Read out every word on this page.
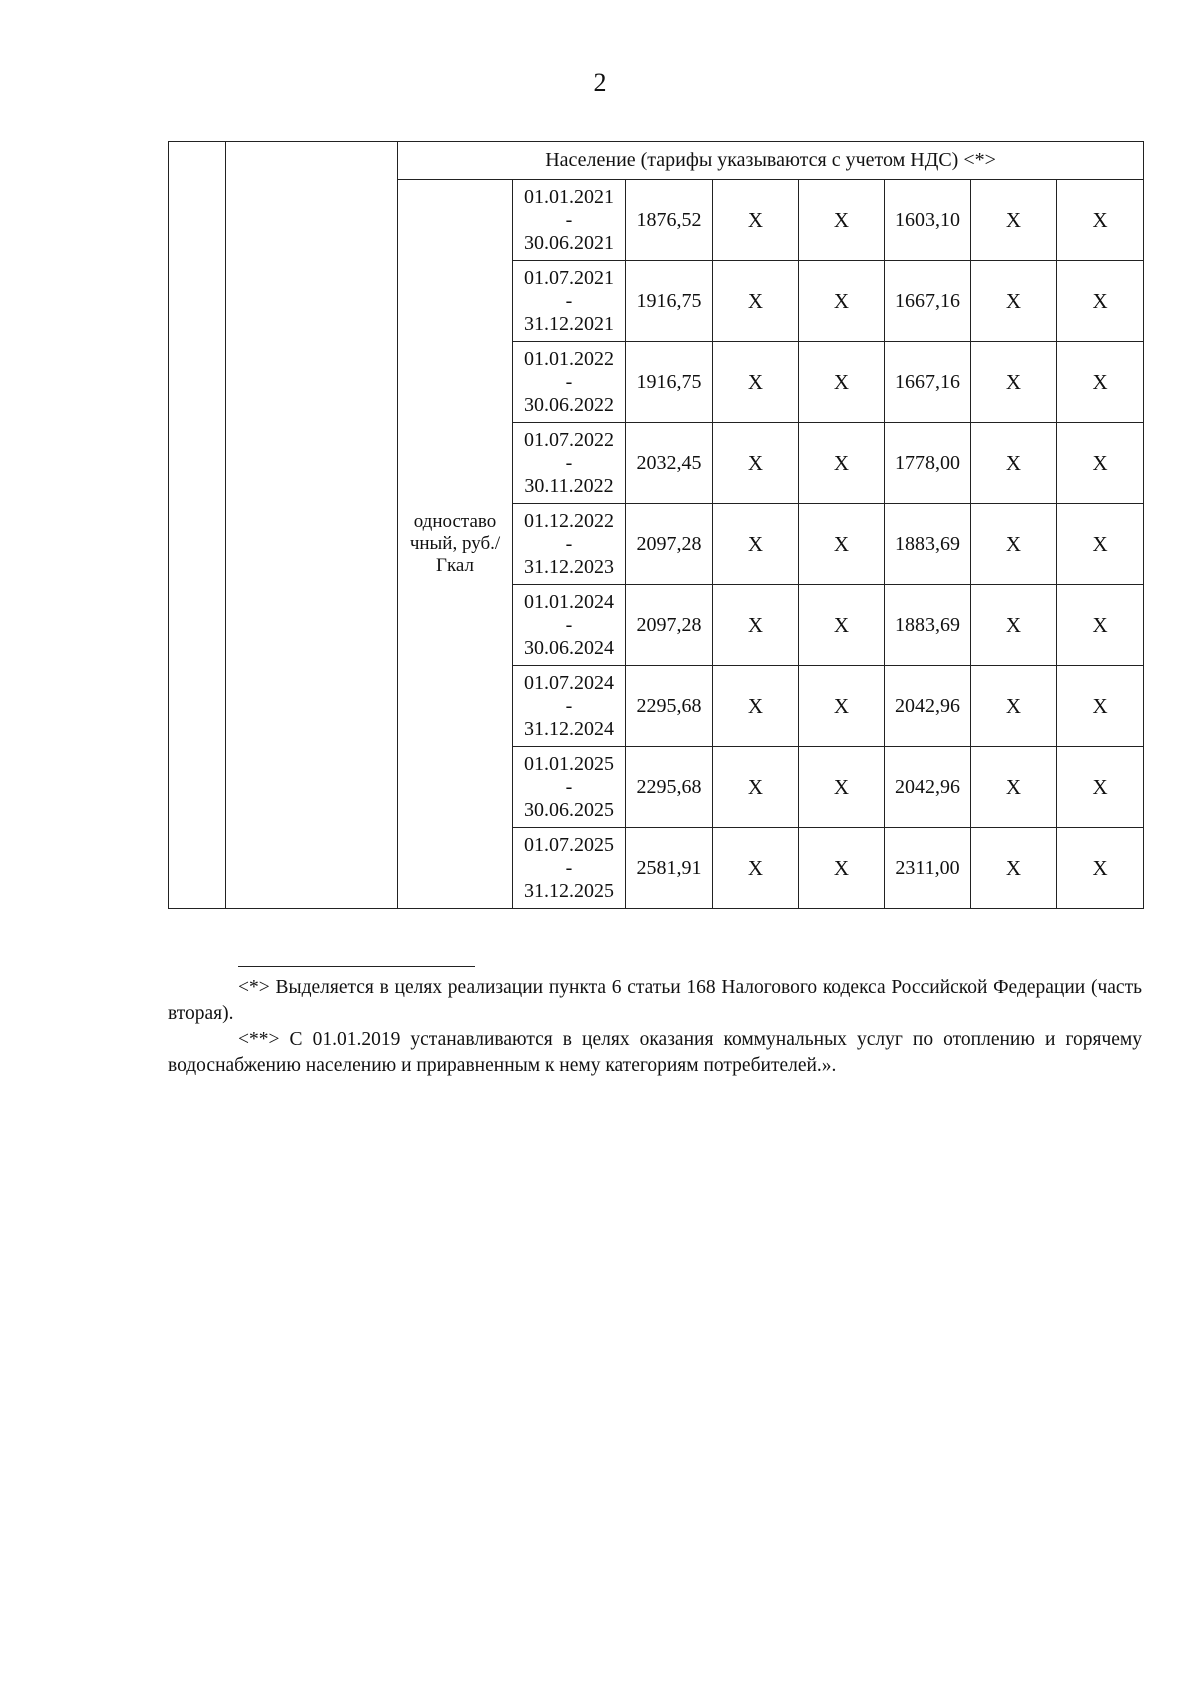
2
		Население (тарифы указываются с учетом НДС) <*>							
		одноставо чный, руб./Гкал	01.01.2021
-
30.06.2021	1876,52	X	X	1603,10	X	X

			01.07.2021
-
31.12.2021	1916,75	X	X	1667,16	X	X

			01.01.2022
-
30.06.2022	1916,75	X	X	1667,16	X	X

			01.07.2022
-
30.11.2022	2032,45	X	X	1778,00	X	X

			01.12.2022
-
31.12.2023	2097,28	X	X	1883,69	X	X

			01.01.2024
-
30.06.2024	2097,28	X	X	1883,69	X	X

			01.07.2024
-
31.12.2024	2295,68	X	X	2042,96	X	X

			01.01.2025
-
30.06.2025	2295,68	X	X	2042,96	X	X

			01.07.2025
-
31.12.2025	2581,91	X	X	2311,00	X	X

<*> Выделяется в целях реализации пункта 6 статьи 168 Налогового кодекса Российской Федерации (часть вторая).

<**> С 01.01.2019 устанавливаются в целях оказания коммунальных услуг по отоплению и горячему водоснабжению населению и приравненным к нему категориям потребителей.».
